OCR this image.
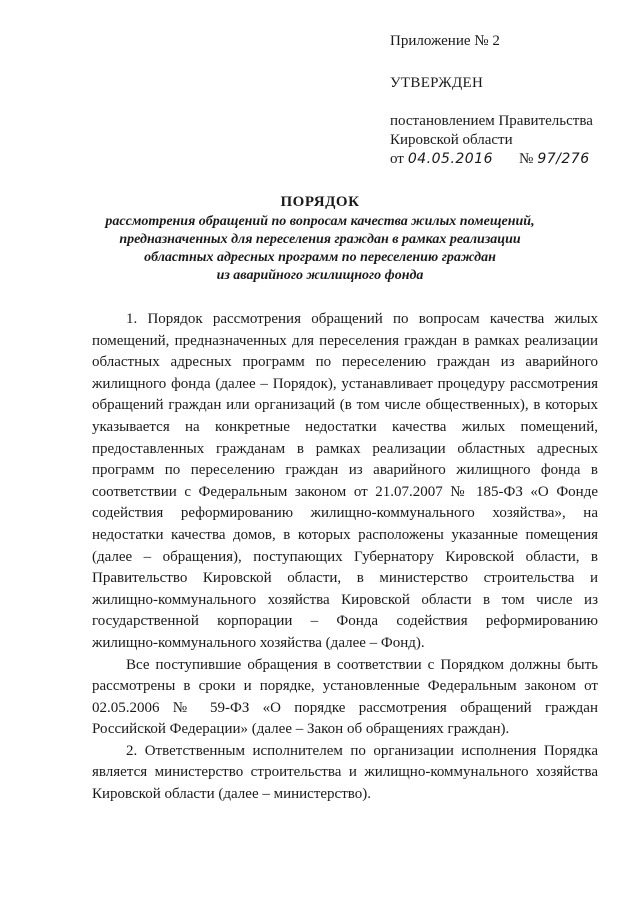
Приложение № 2
УТВЕРЖДЕН
постановлением Правительства
Кировской области
от 04.05.2016 № 97/276
ПОРЯДОК
рассмотрения обращений по вопросам качества жилых помещений,
предназначенных для переселения граждан в рамках реализации
областных адресных программ по переселению граждан
из аварийного жилищного фонда
1. Порядок рассмотрения обращений по вопросам качества жилых
помещений, предназначенных для переселения граждан в рамках реализации
областных адресных программ по переселению граждан из аварийного
жилищного фонда (далее – Порядок), устанавливает процедуру рассмотрения
обращений граждан или организаций (в том числе общественных), в которых
указывается на конкретные недостатки качества жилых помещений,
предоставленных гражданам в рамках реализации областных адресных
программ по переселению граждан из аварийного жилищного фонда в
соответствии с Федеральным законом от 21.07.2007 № 185-ФЗ «О Фонде
содействия реформированию жилищно-коммунального хозяйства», на
недостатки качества домов, в которых расположены указанные помещения
(далее – обращения), поступающих Губернатору Кировской области, в
Правительство Кировской области, в министерство строительства и
жилищно-коммунального хозяйства Кировской области в том числе из
государственной корпорации – Фонда содействия реформированию
жилищно-коммунального хозяйства (далее – Фонд).
Все поступившие обращения в соответствии с Порядком должны быть
рассмотрены в сроки и порядке, установленные Федеральным законом от
02.05.2006 № 59-ФЗ «О порядке рассмотрения обращений граждан
Российской Федерации» (далее – Закон об обращениях граждан).
2. Ответственным исполнителем по организации исполнения Порядка
является министерство строительства и жилищно-коммунального хозяйства
Кировской области (далее – министерство).
